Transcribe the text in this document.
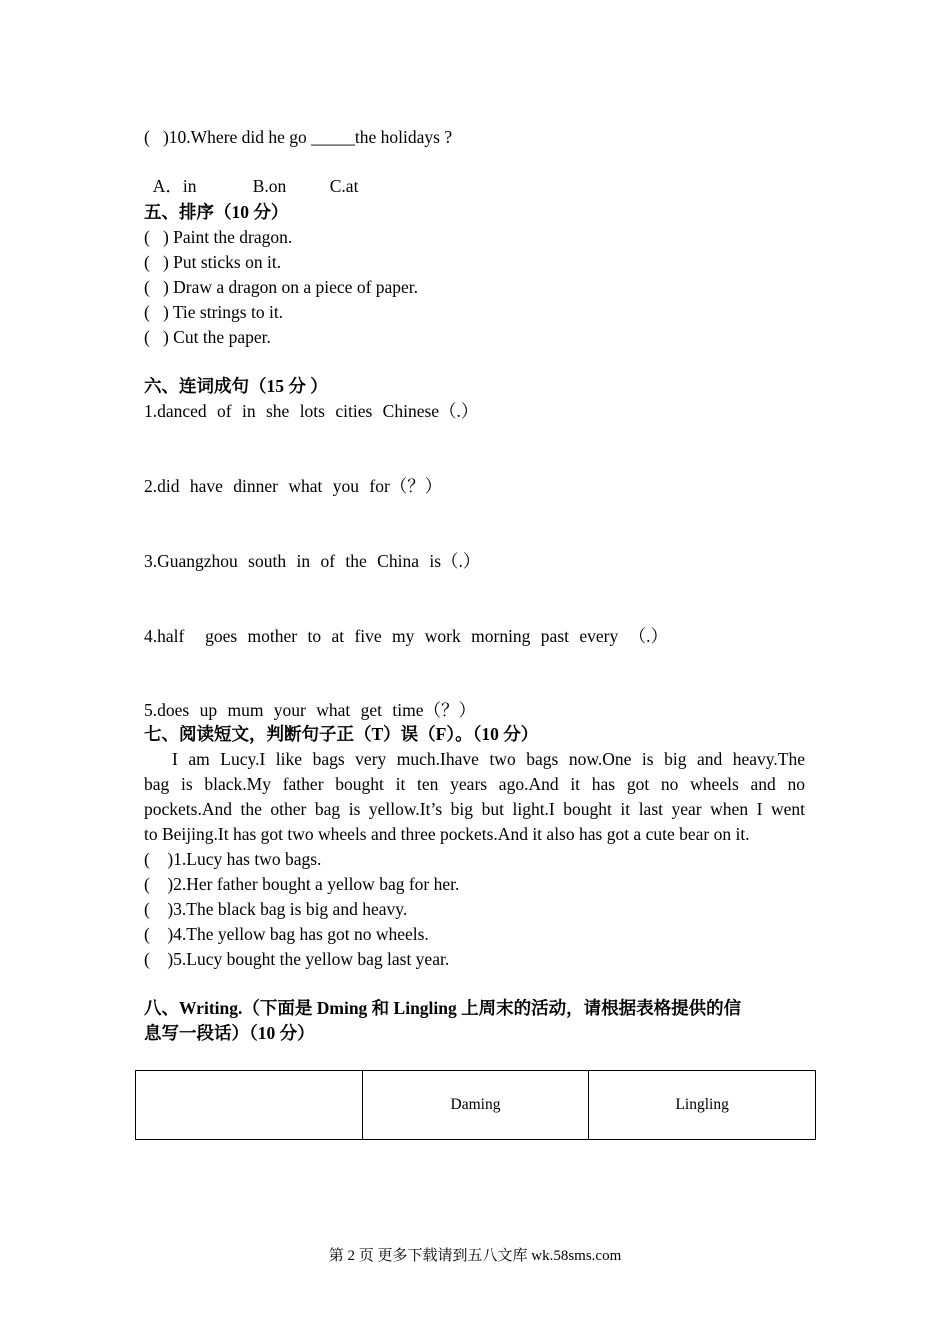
(   )10.Where did he go _____the holidays ?

A．in	B.on C.at

五、排序（10 分）
(   ) Paint the dragon.
(   ) Put sticks on it.
(   ) Draw a dragon on a piece of paper.
(   ) Tie strings to it.
(   ) Cut the paper.
六、连词成句（15 分 ）
1.danced of in she lots cities Chinese（.）
2.did have dinner what you for（？）
3.Guangzhou south in of the China is（.）
4.half  goes mother to at five my work morning past every （.）
5.does up mum your what get time（？）
七、阅读短文，判断句子正（T）误（F）。（10 分）
I am Lucy.I like bags very much.Ihave two bags now.One is big and heavy.The
bag is black.My father bought it ten years ago.And it has got no wheels and no
pockets.And the other bag is yellow.It’s big but light.I bought it last year when I went
to Beijing.It has got two wheels and three pockets.And it also has got a cute bear on it.
(    )1.Lucy has two bags.
(    )2.Her father bought a yellow bag for her.
(    )3.The black bag is big and heavy.
(    )4.The yellow bag has got no wheels.
(    )5.Lucy bought the yellow bag last year.
八、Writing.（下面是 Dming 和 Lingling 上周末的活动，请根据表格提供的信
息写一段话）（10 分）
	Daming	Lingling
第 2 页 更多下载请到五八文库 wk.58sms.com
